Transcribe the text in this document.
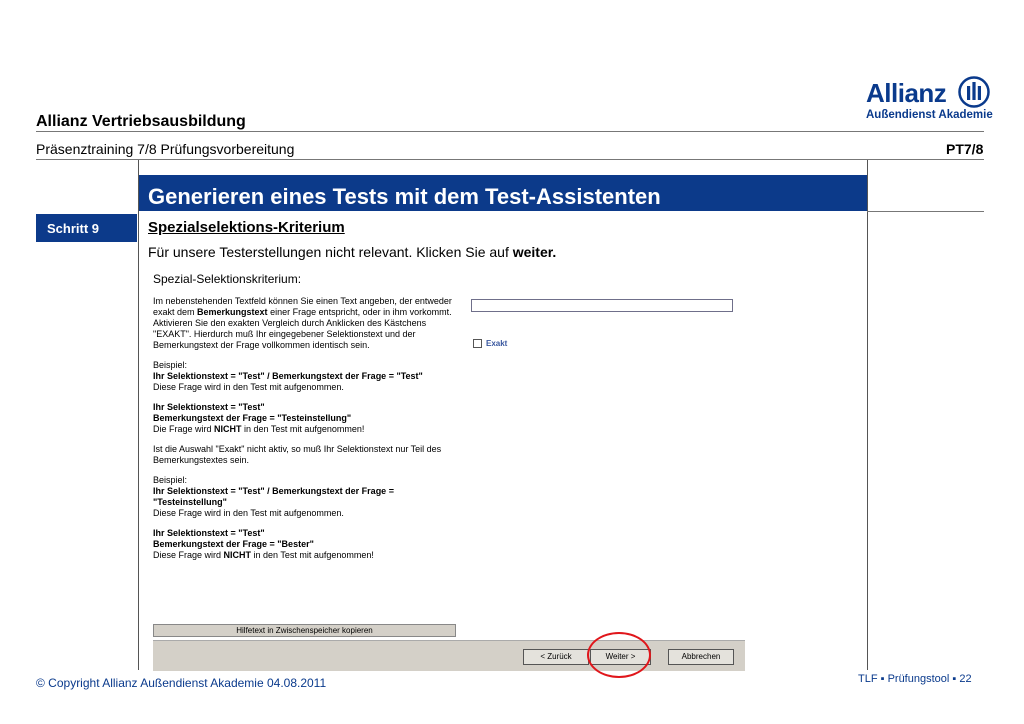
Allianz
Außendienst Akademie
Allianz Vertriebsausbildung
Präsenztraining 7/8 Prüfungsvorbereitung	PT7/8
Generieren eines Tests mit dem Test-Assistenten
Schritt 9	Spezialselektions-Kriterium
Für unsere Testerstellungen nicht relevant. Klicken Sie auf weiter.
Spezial-Selektionskriterium:

Im nebenstehenden Textfeld können Sie einen Text angeben, der entweder exakt dem Bemerkungstext einer Frage entspricht, oder in ihm vorkommt. Aktivieren Sie den exakten Vergleich durch Anklicken des Kästchens "EXAKT". Hierdurch muß Ihr eingegebener Selektionstext und der Bemerkungstext der Frage vollkommen identisch sein.

Beispiel:
Ihr Selektionstext = "Test" / Bemerkungstext der Frage = "Test"
Diese Frage wird in den Test mit aufgenommen.

Ihr Selektionstext = "Test"
Bemerkungstext der Frage = "Testeinstellung"
Die Frage wird NICHT in den Test mit aufgenommen!

Ist die Auswahl "Exakt" nicht aktiv, so muß Ihr Selektionstext nur Teil des Bemerkungstextes sein.

Beispiel:
Ihr Selektionstext = "Test" / Bemerkungstext der Frage = "Testeinstellung"
Diese Frage wird in den Test mit aufgenommen.

Ihr Selektionstext = "Test"
Bemerkungstext der Frage = "Bester"
Diese Frage wird NICHT in den Test mit aufgenommen!

Exakt
Hilfetext in Zwischenspeicher kopieren
< Zurück	Weiter >	Abbrechen
© Copyright Allianz Außendienst Akademie 04.08.2011	TLF ▪ Prüfungstool ▪ 22
